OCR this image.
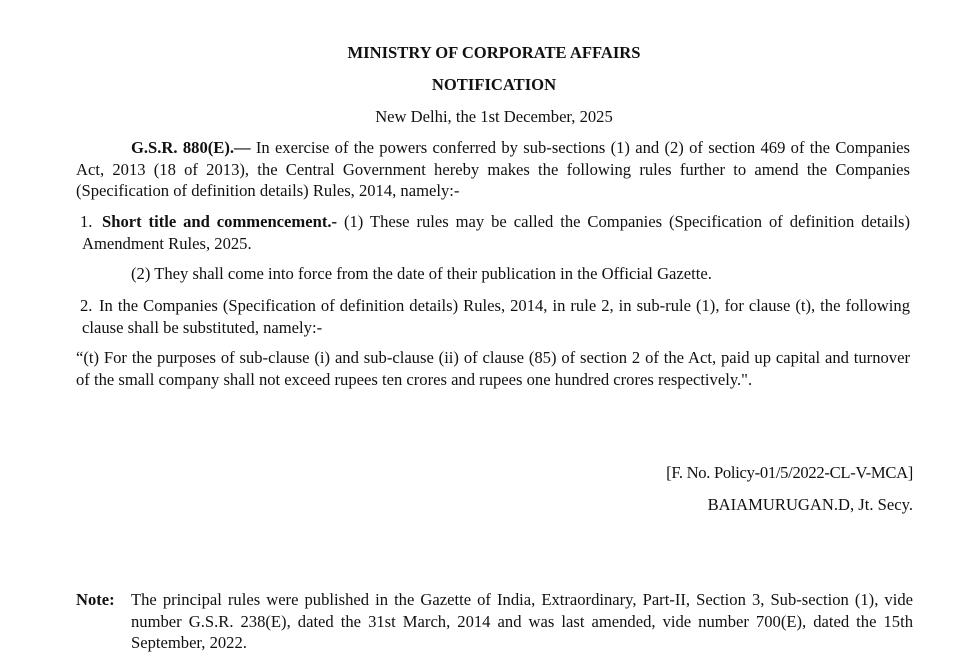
MINISTRY OF CORPORATE AFFAIRS
NOTIFICATION
New Delhi, the 1st December, 2025
G.S.R. 880(E).— In exercise of the powers conferred by sub-sections (1) and (2) of section 469 of the Companies Act, 2013 (18 of 2013), the Central Government hereby makes the following rules further to amend the Companies (Specification of definition details) Rules, 2014, namely:-
1. Short title and commencement.- (1) These rules may be called the Companies (Specification of definition details) Amendment Rules, 2025.
(2) They shall come into force from the date of their publication in the Official Gazette.
2. In the Companies (Specification of definition details) Rules, 2014, in rule 2, in sub-rule (1), for clause (t), the following clause shall be substituted, namely:-
“(t) For the purposes of sub-clause (i) and sub-clause (ii) of clause (85) of section 2 of the Act, paid up capital and turnover of the small company shall not exceed rupees ten crores and rupees one hundred crores respectively.".
[F. No. Policy-01/5/2022-CL-V-MCA]
BAIAMURUGAN.D, Jt. Secy.
Note: The principal rules were published in the Gazette of India, Extraordinary, Part-II, Section 3, Sub-section (1), vide number G.S.R. 238(E), dated the 31st March, 2014 and was last amended, vide number 700(E), dated the 15th September, 2022.
